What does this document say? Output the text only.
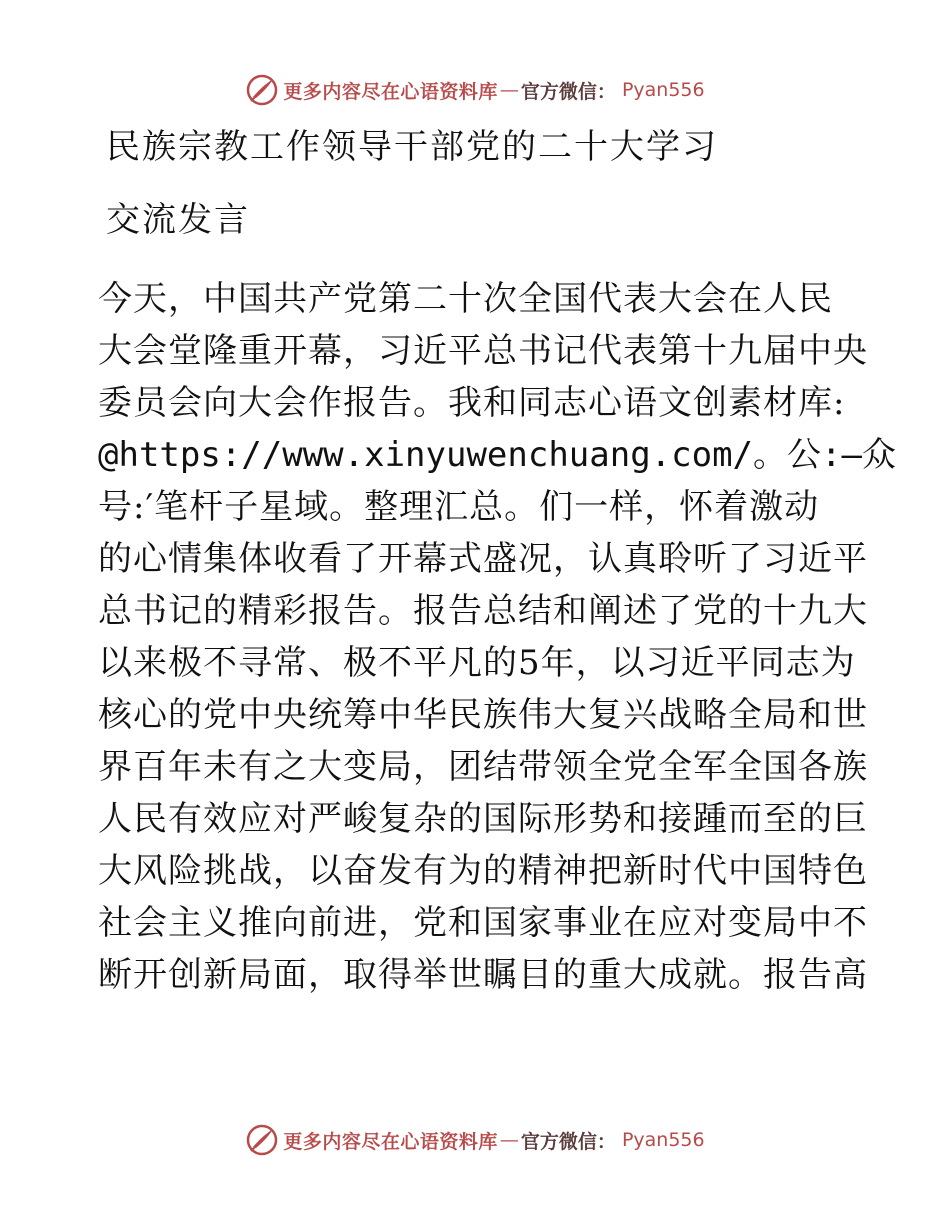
更多内容尽在心语资料库 — 官方微信： Pyan556
民族宗教工作领导干部党的二十大学习
交流发言
今天，中国共产党第二十次全国代表大会在人民
大会堂隆重开幕，习近平总书记代表第十九届中央
委员会向大会作报告。我和同志心语文创素材库:
@https://www.xinyuwenchuang.com/。公:—众
号:′笔杆子星域。整理汇总。们一样，怀着激动
的心情集体收看了开幕式盛况，认真聆听了习近平
总书记的精彩报告。报告总结和阐述了党的十九大
以来极不寻常、极不平凡的5年，以习近平同志为
核心的党中央统筹中华民族伟大复兴战略全局和世
界百年未有之大变局，团结带领全党全军全国各族
人民有效应对严峻复杂的国际形势和接踵而至的巨
大风险挑战，以奋发有为的精神把新时代中国特色
社会主义推向前进，党和国家事业在应对变局中不
断开创新局面，取得举世瞩目的重大成就。报告高
更多内容尽在心语资料库 — 官方微信： Pyan556
